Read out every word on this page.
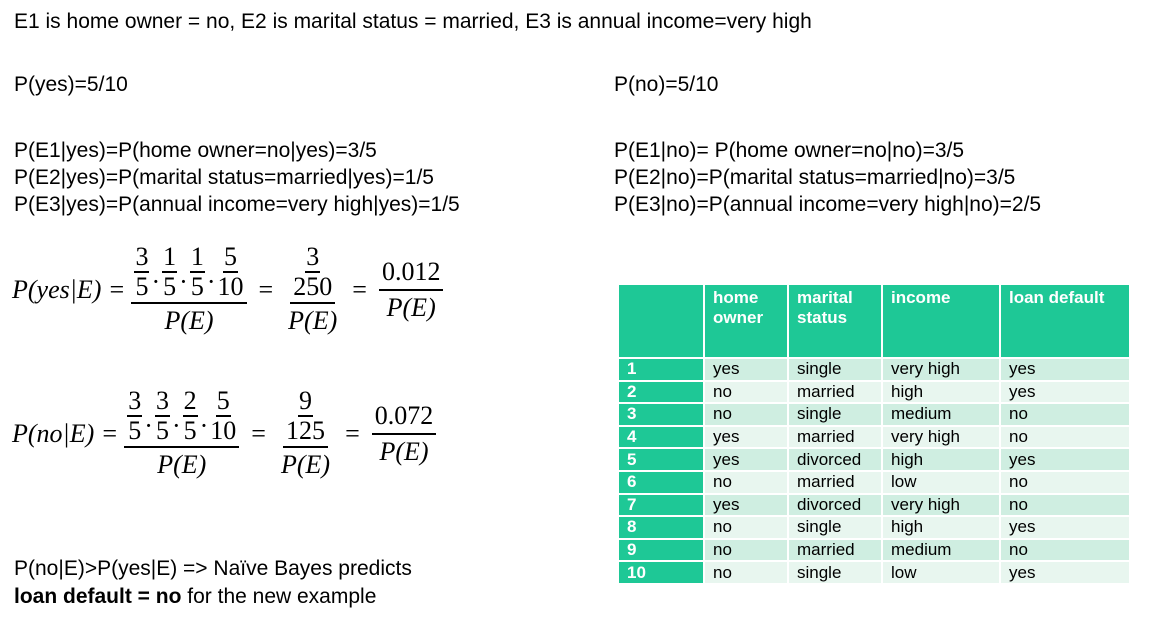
E1 is home owner = no, E2 is marital status = married, E3 is annual income=very high
P(yes)=5/10	P(no)=5/10
P(E1|yes)=P(home owner=no|yes)=3/5
P(E2|yes)=P(marital status=married|yes)=1/5
P(E3|yes)=P(annual income=very high|yes)=1/5
P(E1|no)= P(home owner=no|no)=3/5
P(E2|no)=P(marital status=married|no)=3/5
P(E3|no)=P(annual income=very high|no)=2/5
P(yes|E) = 3
5 ·
1
5 ·
1
5 ·
5
10
P(E) = 3
250
$P(E) = \frac{0.012}{P(E)}$
P(no|E) = 3
5 ·
3
5 ·
2
5 ·
5
10
P(E) = 9
125
$P(E) = \frac{0.072}{P(E)}$
P(no|E)>P(yes|E) => Naïve Bayes predicts
loan default = no for the new example
	home owner	marital status	income	loan default
1	yes	single	very high	yes
2	no	married	high	yes
3	no	single	medium	no
4	yes	married	very high	no
5	yes	divorced	high	yes
6	no	married	low	no
7	yes	divorced	very high	no
8	no	single	high	yes
9	no	married	medium	no
10	no	single	low	yes
